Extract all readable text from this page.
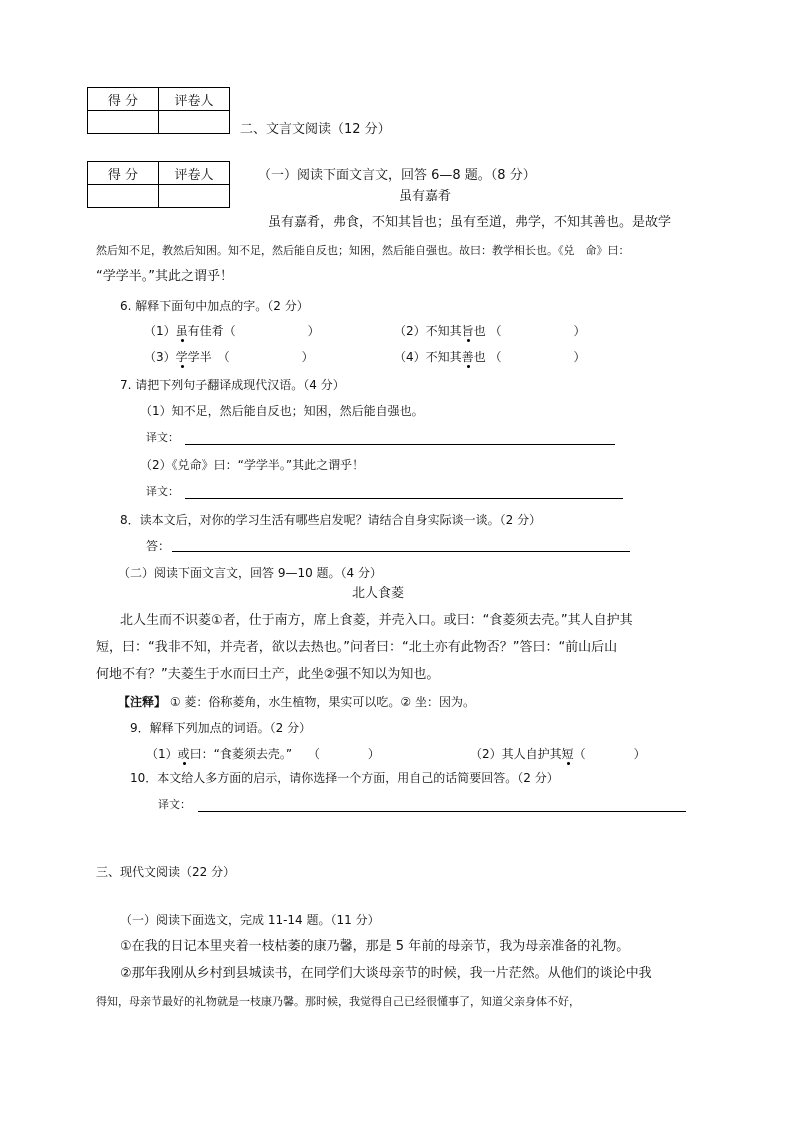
得 分	评卷人

二、文言文阅读（12 分）
得 分	评卷人
		（一）阅读下面文言文，回答 6—8 题。（8 分）
虽有嘉肴
虽有嘉肴，弗食，不知其旨也；虽有至道，弗学，不知其善也。是故学
然后知不足，教然后知困。知不足，然后能自反也；知困，然后能自强也。故曰：教学相长也。《兑　命》曰：
“学学半。”其此之谓乎！
6. 解释下面句中加点的字。（2 分）
（1）虽有佳肴（　　　　　　）	（2）不知其旨也 （　　　　　　）
（3）学学半　（　　　　　　）	（4）不知其善也 （　　　　　　）
7. 请把下列句子翻译成现代汉语。（4 分）
（1）知不足，然后能自反也；知困，然后能自强也。
译文：
（2）《兑命》曰：“学学半。”其此之谓乎！
译文：
8．读本文后，对你的学习生活有哪些启发呢？请结合自身实际谈一谈。（2 分）
答：
（二）阅读下面文言文，回答 9—10 题。（4 分）
北人食菱
北人生而不识菱①者，仕于南方，席上食菱，并壳入口。或曰：“食菱须去壳。”其人自护其
短，曰：“我非不知，并壳者，欲以去热也。”问者曰：“北土亦有此物否？”答曰：“前山后山
何地不有？”夫菱生于水而曰土产，此坐②强不知以为知也。
【注释】 ① 菱：俗称菱角，水生植物，果实可以吃。② 坐：因为。
9．解释下列加点的词语。（2 分）
（1）或曰：“食菱须去壳。”　 （　　　　）	（2）其人自护其短（　　　　）
10．本文给人多方面的启示，请你选择一个方面，用自己的话简要回答。（2 分）
译文：
三、现代文阅读（22 分）
（一）阅读下面选文，完成 11-14 题。（11 分）
①在我的日记本里夹着一枝枯萎的康乃馨，那是 5 年前的母亲节，我为母亲准备的礼物。
②那年我刚从乡村到县城读书，在同学们大谈母亲节的时候，我一片茫然。从他们的谈论中我
得知，母亲节最好的礼物就是一枝康乃馨。那时候，我觉得自己已经很懂事了，知道父亲身体不好，
